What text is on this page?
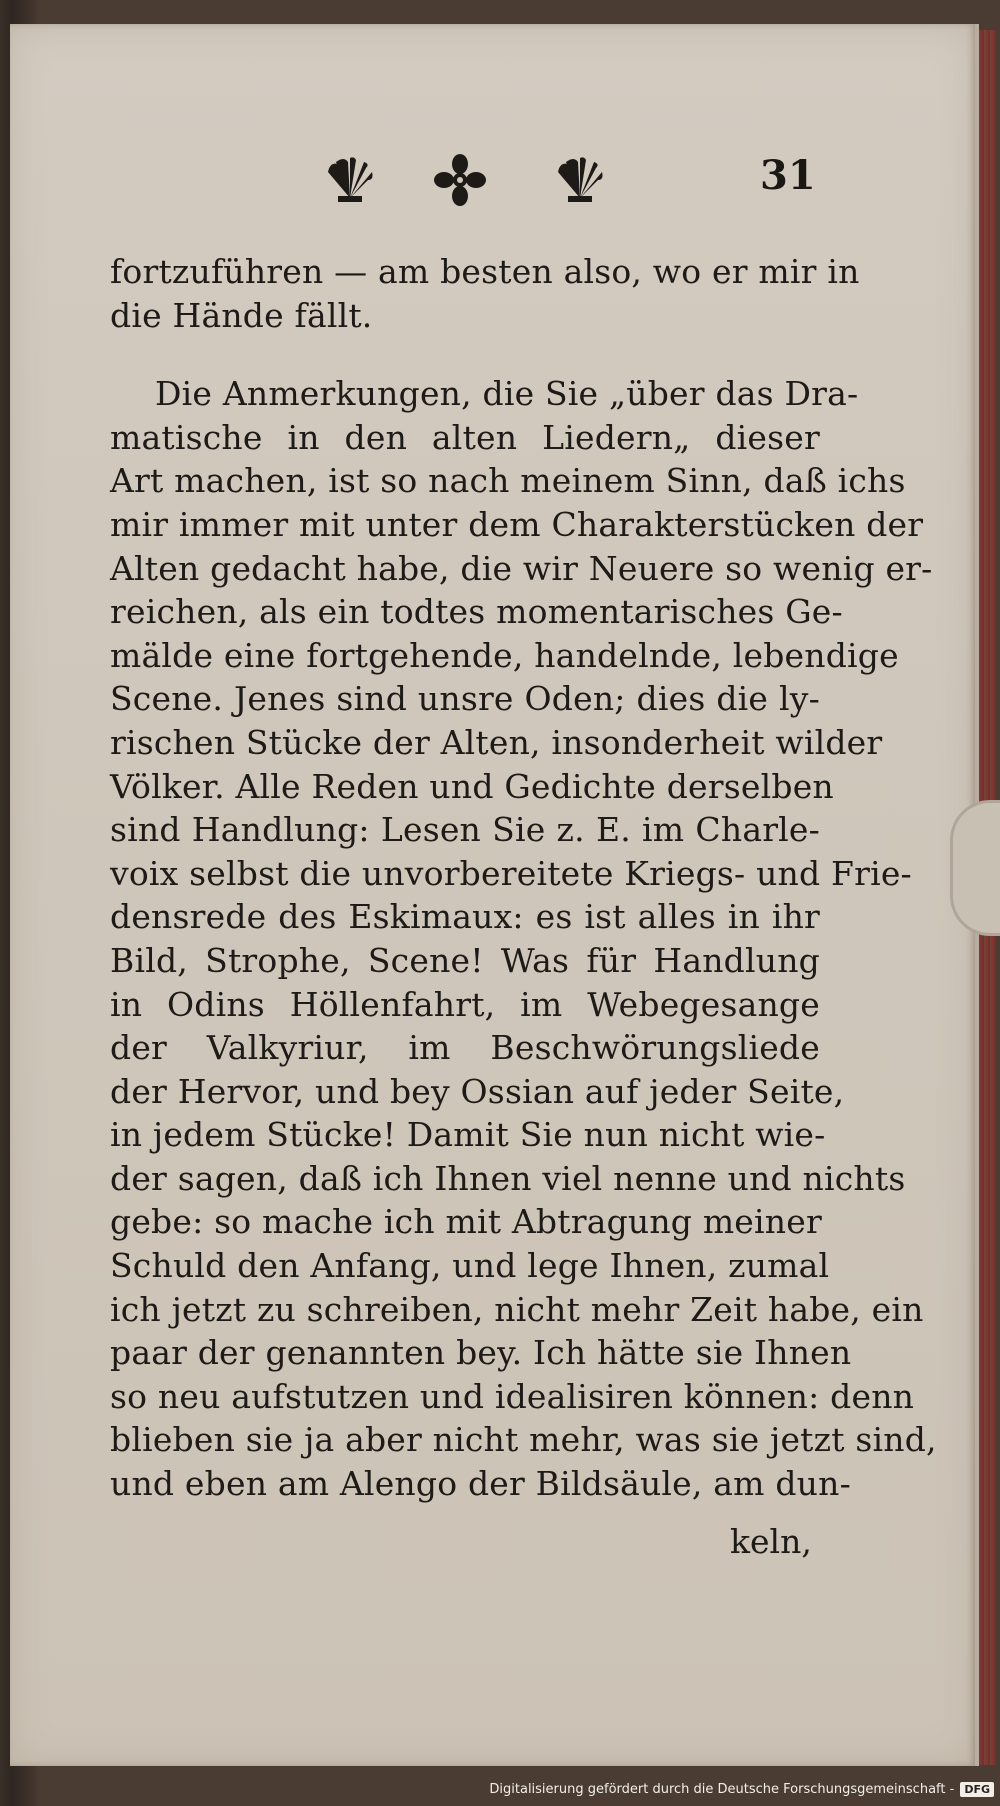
31
fortzuführen — am besten also, wo er mir in
die Hände fällt.
Die Anmerkungen, die Sie „über das Dra-
matische in den alten Liedern„ dieser
Art machen, ist so nach meinem Sinn, daß ichs
mir immer mit unter dem Charakterstücken der
Alten gedacht habe, die wir Neuere so wenig er-
reichen, als ein todtes momentarisches Ge-
mälde eine fortgehende, handelnde, lebendige
Scene. Jenes sind unsre Oden; dies die ly-
rischen Stücke der Alten, insonderheit wilder
Völker. Alle Reden und Gedichte derselben
sind Handlung: Lesen Sie z. E. im Charle-
voix selbst die unvorbereitete Kriegs- und Frie-
densrede des Eskimaux: es ist alles in ihr
Bild, Strophe, Scene! Was für Handlung
in Odins Höllenfahrt, im Webegesange
der Valkyriur, im Beschwörungsliede
der Hervor, und bey Ossian auf jeder Seite,
in jedem Stücke! Damit Sie nun nicht wie-
der sagen, daß ich Ihnen viel nenne und nichts
gebe: so mache ich mit Abtragung meiner
Schuld den Anfang, und lege Ihnen, zumal
ich jetzt zu schreiben, nicht mehr Zeit habe, ein
paar der genannten bey. Ich hätte sie Ihnen
so neu aufstutzen und idealisiren können: denn
blieben sie ja aber nicht mehr, was sie jetzt sind,
und eben am Alengo der Bildsäule, am dun-
keln,
Digitalisierung gefördert durch die Deutsche Forschungsgemeinschaft - DFG
